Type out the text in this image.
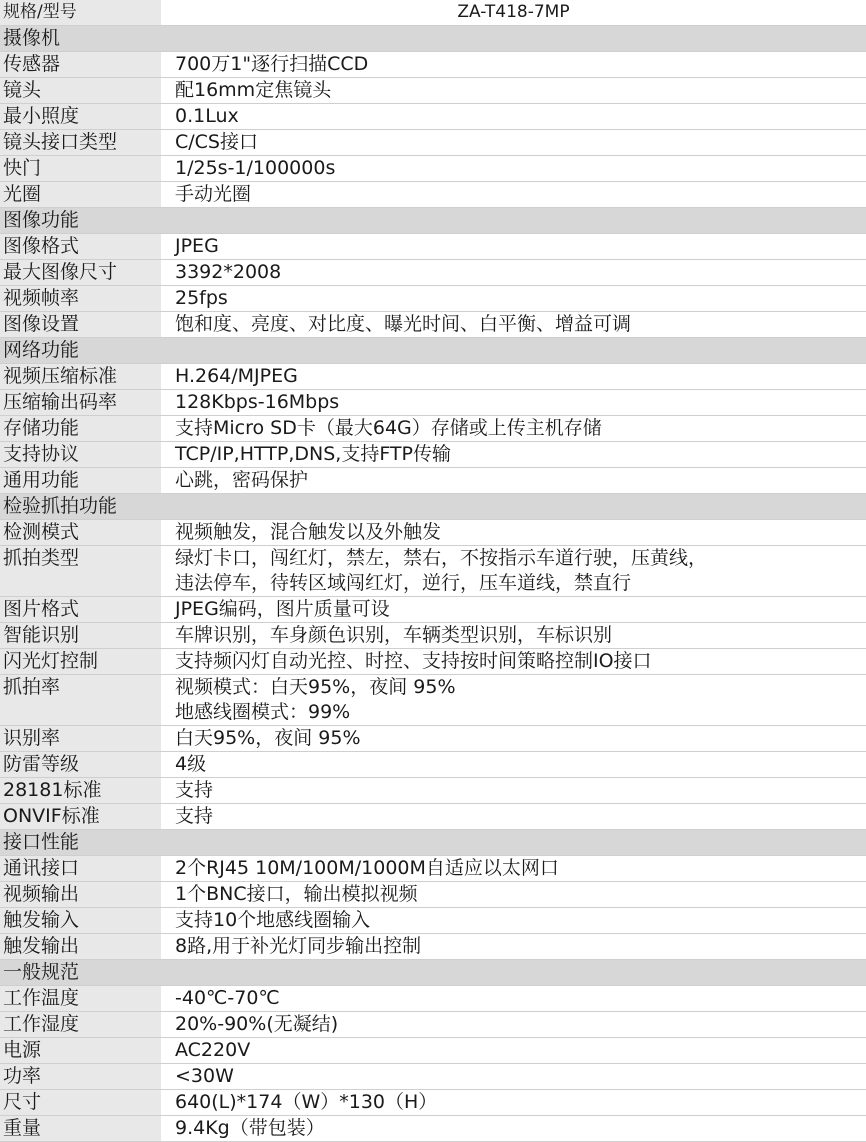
规格/型号	ZA-T418-7MP
摄像机	
传感器	700万1"逐行扫描CCD
镜头	配16mm定焦镜头
最小照度	0.1Lux
镜头接口类型	C/CS接口
快门	1/25s-1/100000s
光圈	手动光圈
图像功能	
图像格式	JPEG
最大图像尺寸	3392*2008
视频帧率	25fps
图像设置	饱和度、亮度、对比度、曝光时间、白平衡、增益可调
网络功能	
视频压缩标准	H.264/MJPEG
压缩输出码率	128Kbps-16Mbps
存储功能	支持Micro SD卡（最大64G）存储或上传主机存储
支持协议	TCP/IP,HTTP,DNS,支持FTP传输
通用功能	心跳，密码保护
检验抓拍功能	
检测模式	视频触发，混合触发以及外触发
抓拍类型	绿灯卡口，闯红灯，禁左，禁右，不按指示车道行驶，压黄线，
违法停车，待转区域闯红灯，逆行，压车道线，禁直行
图片格式	JPEG编码，图片质量可设
智能识别	车牌识别，车身颜色识别，车辆类型识别，车标识别
闪光灯控制	支持频闪灯自动光控、时控、支持按时间策略控制IO接口
抓拍率	视频模式：白天95%，夜间 95%
地感线圈模式：99%
识别率	白天95%，夜间 95%
防雷等级	4级
28181标准	支持
ONVIF标准	支持
接口性能	
通讯接口	2个RJ45 10M/100M/1000M自适应以太网口
视频输出	1个BNC接口，输出模拟视频
触发输入	支持10个地感线圈输入
触发输出	8路,用于补光灯同步输出控制
一般规范	
工作温度	-40℃-70℃
工作湿度	20%-90%(无凝结)
电源	AC220V
功率	<30W
尺寸	640(L)*174（W）*130（H）
重量	9.4Kg（带包装）
